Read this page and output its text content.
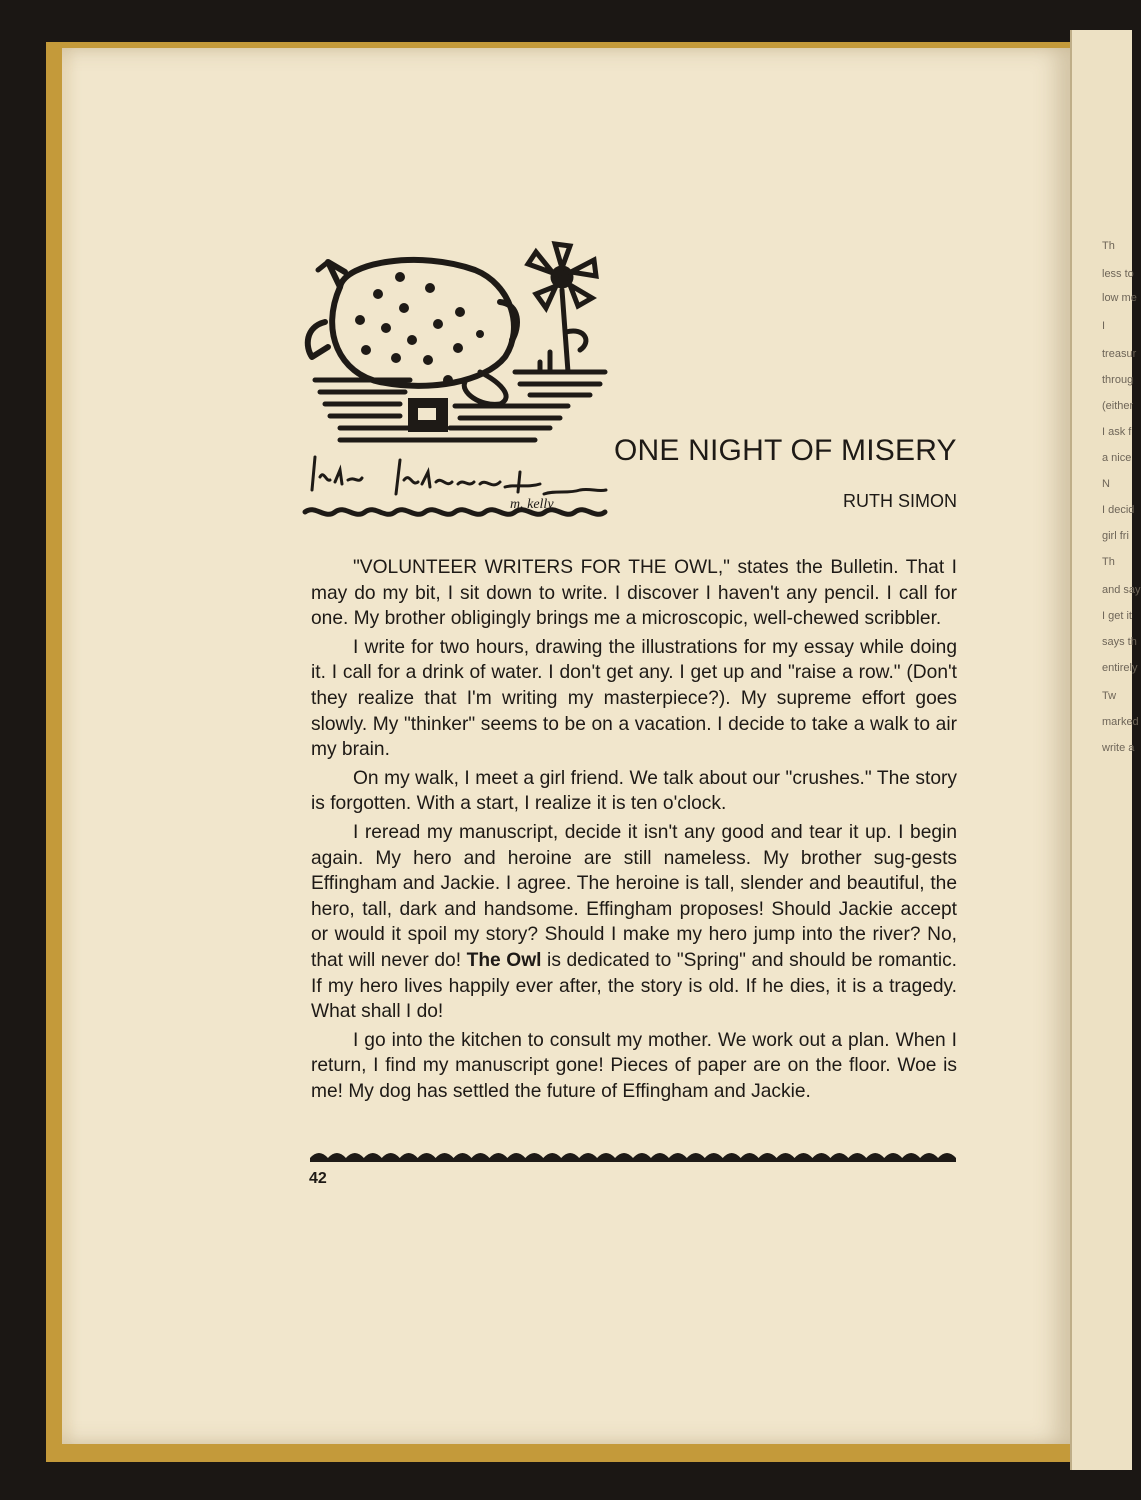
Th
less to
low me
I
treasur
throug
(either
I ask f
a nice
N
I decid
girl fri
Th
and say
I get it
says th
entirely
Tw
marked
write a
m. kelly
ONE NIGHT OF MISERY
RUTH SIMON

"VOLUNTEER WRITERS FOR THE OWL," states the Bulletin. That I may do my bit, I sit down to write. I discover I haven't any pencil. I call for one. My brother obligingly brings me a microscopic, well-chewed scribbler.

I write for two hours, drawing the illustrations for my essay while doing it. I call for a drink of water. I don't get any. I get up and "raise a row." (Don't they realize that I'm writing my masterpiece?). My supreme effort goes slowly. My "thinker" seems to be on a vacation. I decide to take a walk to air my brain.

On my walk, I meet a girl friend. We talk about our "crushes." The story is forgotten. With a start, I realize it is ten o'clock.

I reread my manuscript, decide it isn't any good and tear it up. I begin again. My hero and heroine are still nameless. My brother sug-gests Effingham and Jackie. I agree. The heroine is tall, slender and beautiful, the hero, tall, dark and handsome. Effingham proposes! Should Jackie accept or would it spoil my story? Should I make my hero jump into the river? No, that will never do! The Owl is dedicated to "Spring" and should be romantic. If my hero lives happily ever after, the story is old. If he dies, it is a tragedy. What shall I do!

I go into the kitchen to consult my mother. We work out a plan. When I return, I find my manuscript gone! Pieces of paper are on the floor. Woe is me! My dog has settled the future of Effingham and Jackie.

42
